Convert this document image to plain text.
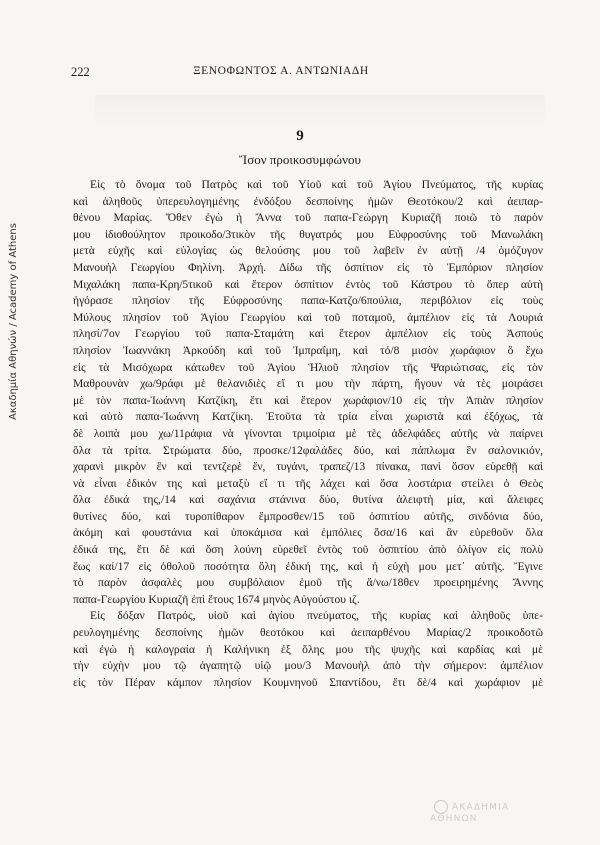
Ακαδημία Αθηνών / Academy of Athens
222	ΞΕΝΟΦΩΝΤΟΣ Α. ΑΝΤΩΝΙΑΔΗ
9
Ἴσον προικοσυμφώνου
Εἰς τὸ ὄνομα τοῦ Πατρὸς καὶ τοῦ Υἱοῦ καὶ τοῦ Ἁγίου Πνεύματος, τῆς κυρίας
καὶ ἀληθοῦς ὑπερευλογημένης ἐνδόξου δεσποίνης ἡμῶν Θεοτόκου/2 καὶ ἀειπαρ-
θένου Μαρίας. Ὅθεν ἐγὼ ἡ Ἄννα τοῦ παπα-Γεώργη Κυριαζῆ ποιῶ τὸ παρὸν
μου ἰδιοθούλητον προικοδο/3τικὸν τῆς θυγατρός μου Εὐφροσύνης τοῦ Μανωλάκη
μετὰ εὐχῆς καὶ εὐλογίας ὡς θελούσης μου τοῦ λαβεῖν ἐν αὐτῇ /4 ὁμόζυγον
Μανουὴλ Γεωργίου Φηλίνη. Ἀρχή. Δίδω τῆς ὀσπίτιον εἰς τὸ Ἐμπόριον πλησίον
Μιχαλάκη παπα-Κρη/5τικοῦ καὶ ἕτερον ὀσπίτιον ἐντὸς τοῦ Κάστρου τὸ ὅπερ αὐτὴ
ἠγόρασε πλησίον τῆς Εὐφροσύνης παπα-Κατζο/6πούλια, περιβόλιον εἰς τοὺς
Μύλους πλησίον τοῦ Ἁγίου Γεωργίου καὶ τοῦ ποταμοῦ, ἀμπέλιον εἰς τὰ Λουριά
πλησί/7ον Γεωργίου τοῦ παπα-Σταμάτη καὶ ἕτερον ἀμπέλιον εἰς τοὺς Ἀσπούς
πλησίον Ἰωαννάκη Ἀρκούδη καὶ τοῦ Ἰμπραΐμη, καὶ τό/8 μισὸν χωράφιον ὃ ἔχω
εἰς τὰ Μισόχωρα κάτωθεν τοῦ Ἁγίου Ἡλιοῦ πλησίον τῆς Ψαριώτισας, εἰς τὸν
Μαθρουνὰν χω/9ράφι μὲ θελανιδιὲς εἴ τι μου τὴν πάρτη, ἤγουν νὰ τὲς μοιράσει
μὲ τὸν παπα-Ἰωάννη Κατζίκη, ἔτι καὶ ἕτερον χωράφιον/10 εἰς τὴν Ἀπιὰν πλησίον
καὶ αὐτὸ παπα-Ἰωάννη Κατζίκη. Ἐτοῦτα τὰ τρία εἶναι χωριστὰ καὶ ἐξόχως, τὰ
δὲ λοιπὰ μου χω/11ράφια νὰ γίνονται τριμοίρια μὲ τὲς ἀδελφάδες αὐτῆς νὰ παίρνει
ὅλα τὰ τρίτα. Στρώματα δύο, προσκε/12φαλάδες δύο, καὶ πάπλωμα ἓν σαλονικιόν,
χαρανὶ μικρὸν ἓν καὶ τεντζερὲ ἕν, τυγάνι, τραπεζ/13 πίνακα, πανὶ ὅσον εὑρεθῇ καὶ
νὰ εἶναι ἐδικόν της καὶ μεταξὺ εἴ τι τῆς λάχει καὶ ὅσα λοστάρια στείλει ὁ Θεὸς
ὅλα ἐδικά της,/14 καὶ σαχάνια στάνινα δύο, θυτίνα ἀλειφτὴ μία, καὶ ἄλειφες
θυτίνες δύο, καὶ τυροπίθαρον ἔμπροσθεν/15 τοῦ ὀσπιτίου αὐτῆς, σινδόνια δύο,
ἀκόμη καὶ φουστάνια καὶ ὑποκάμισα καὶ ἐμπόλιες ὅσα/16 καὶ ἂν εὑρεθοῦν ὅλα
ἐδικά της, ἔτι δὲ καὶ ὅση λούνη εὑρεθεῖ ἐντὸς τοῦ ὀσπιτίου ἀπὸ ὀλίγον εἰς πολὺ
ἕως καί/17 εἰς ὀθολοῦ ποσότητα ὅλη ἐδική της, καὶ ἡ εὐχὴ μου μετ᾿ αὐτῆς. Ἔγινε
τὸ παρὸν ἀσφαλὲς μου συμβόλαιον ἐμοῦ τῆς ἄ/νω/18θεν προειρημένης Ἄννης
παπα-Γεωργίου Κυριαζῆ ἐπὶ ἔτους 1674 μηνὸς Αὐγούστου ιζ.
Εἰς δόξαν Πατρός, υἱοῦ καὶ ἁγίου πνεύματος, τῆς κυρίας καὶ ἀληθοῦς ὑπε-
ρευλογημένης δεσποίνης ἡμῶν θεοτόκου καὶ ἀειπαρθένου Μαρίας/2 προικοδοτῶ
καὶ ἐγὼ ἡ καλογραία ἡ Καλήνικη ἐξ ὅλης μου τῆς ψυχῆς καὶ καρδίας καὶ μὲ
τὴν εὐχὴν μου τῷ ἀγαπητῷ υἱῷ μου/3 Μανουὴλ ἀπὸ τὴν σήμερον: ἀμπέλιον
εἰς τὸν Πέραν κάμπον πλησίον Κουμνηνοῦ Σπαντίδου, ἔτι δὲ/4 καὶ χωράφιον μὲ
ΑΚΑΔΗΜΙΑ ΑΘΗΝΩΝ
